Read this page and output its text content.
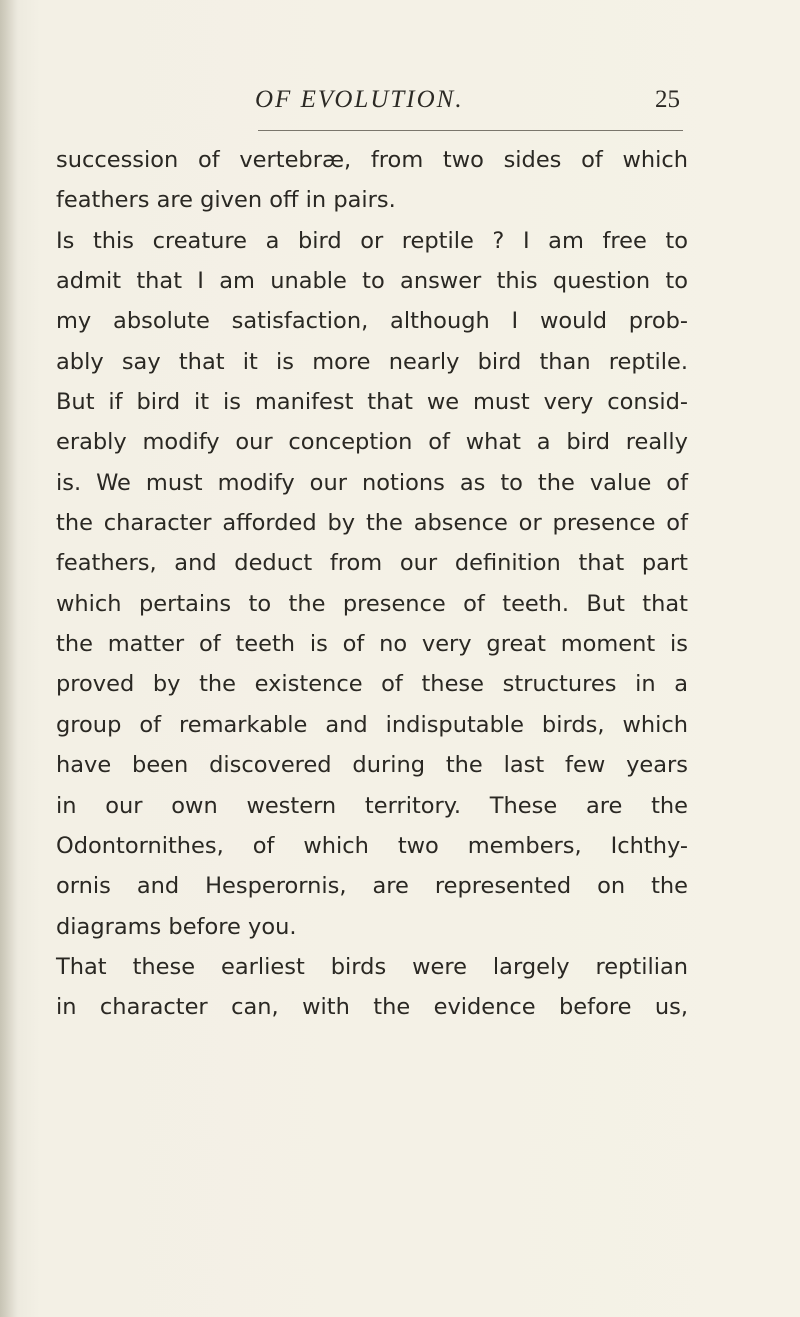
OF EVOLUTION.	25
succession of vertebræ, from two sides of which
feathers are given off in pairs.
Is this creature a bird or reptile ? I am free to
admit that I am unable to answer this question to
my absolute satisfaction, although I would prob-
ably say that it is more nearly bird than reptile.
But if bird it is manifest that we must very consid-
erably modify our conception of what a bird really
is. We must modify our notions as to the value of
the character afforded by the absence or presence of
feathers, and deduct from our definition that part
which pertains to the presence of teeth. But that
the matter of teeth is of no very great moment is
proved by the existence of these structures in a
group of remarkable and indisputable birds, which
have been discovered during the last few years
in our own western territory. These are the
Odontornithes, of which two members, Ichthy-
ornis and Hesperornis, are represented on the
diagrams before you.
That these earliest birds were largely reptilian
in character can, with the evidence before us,
